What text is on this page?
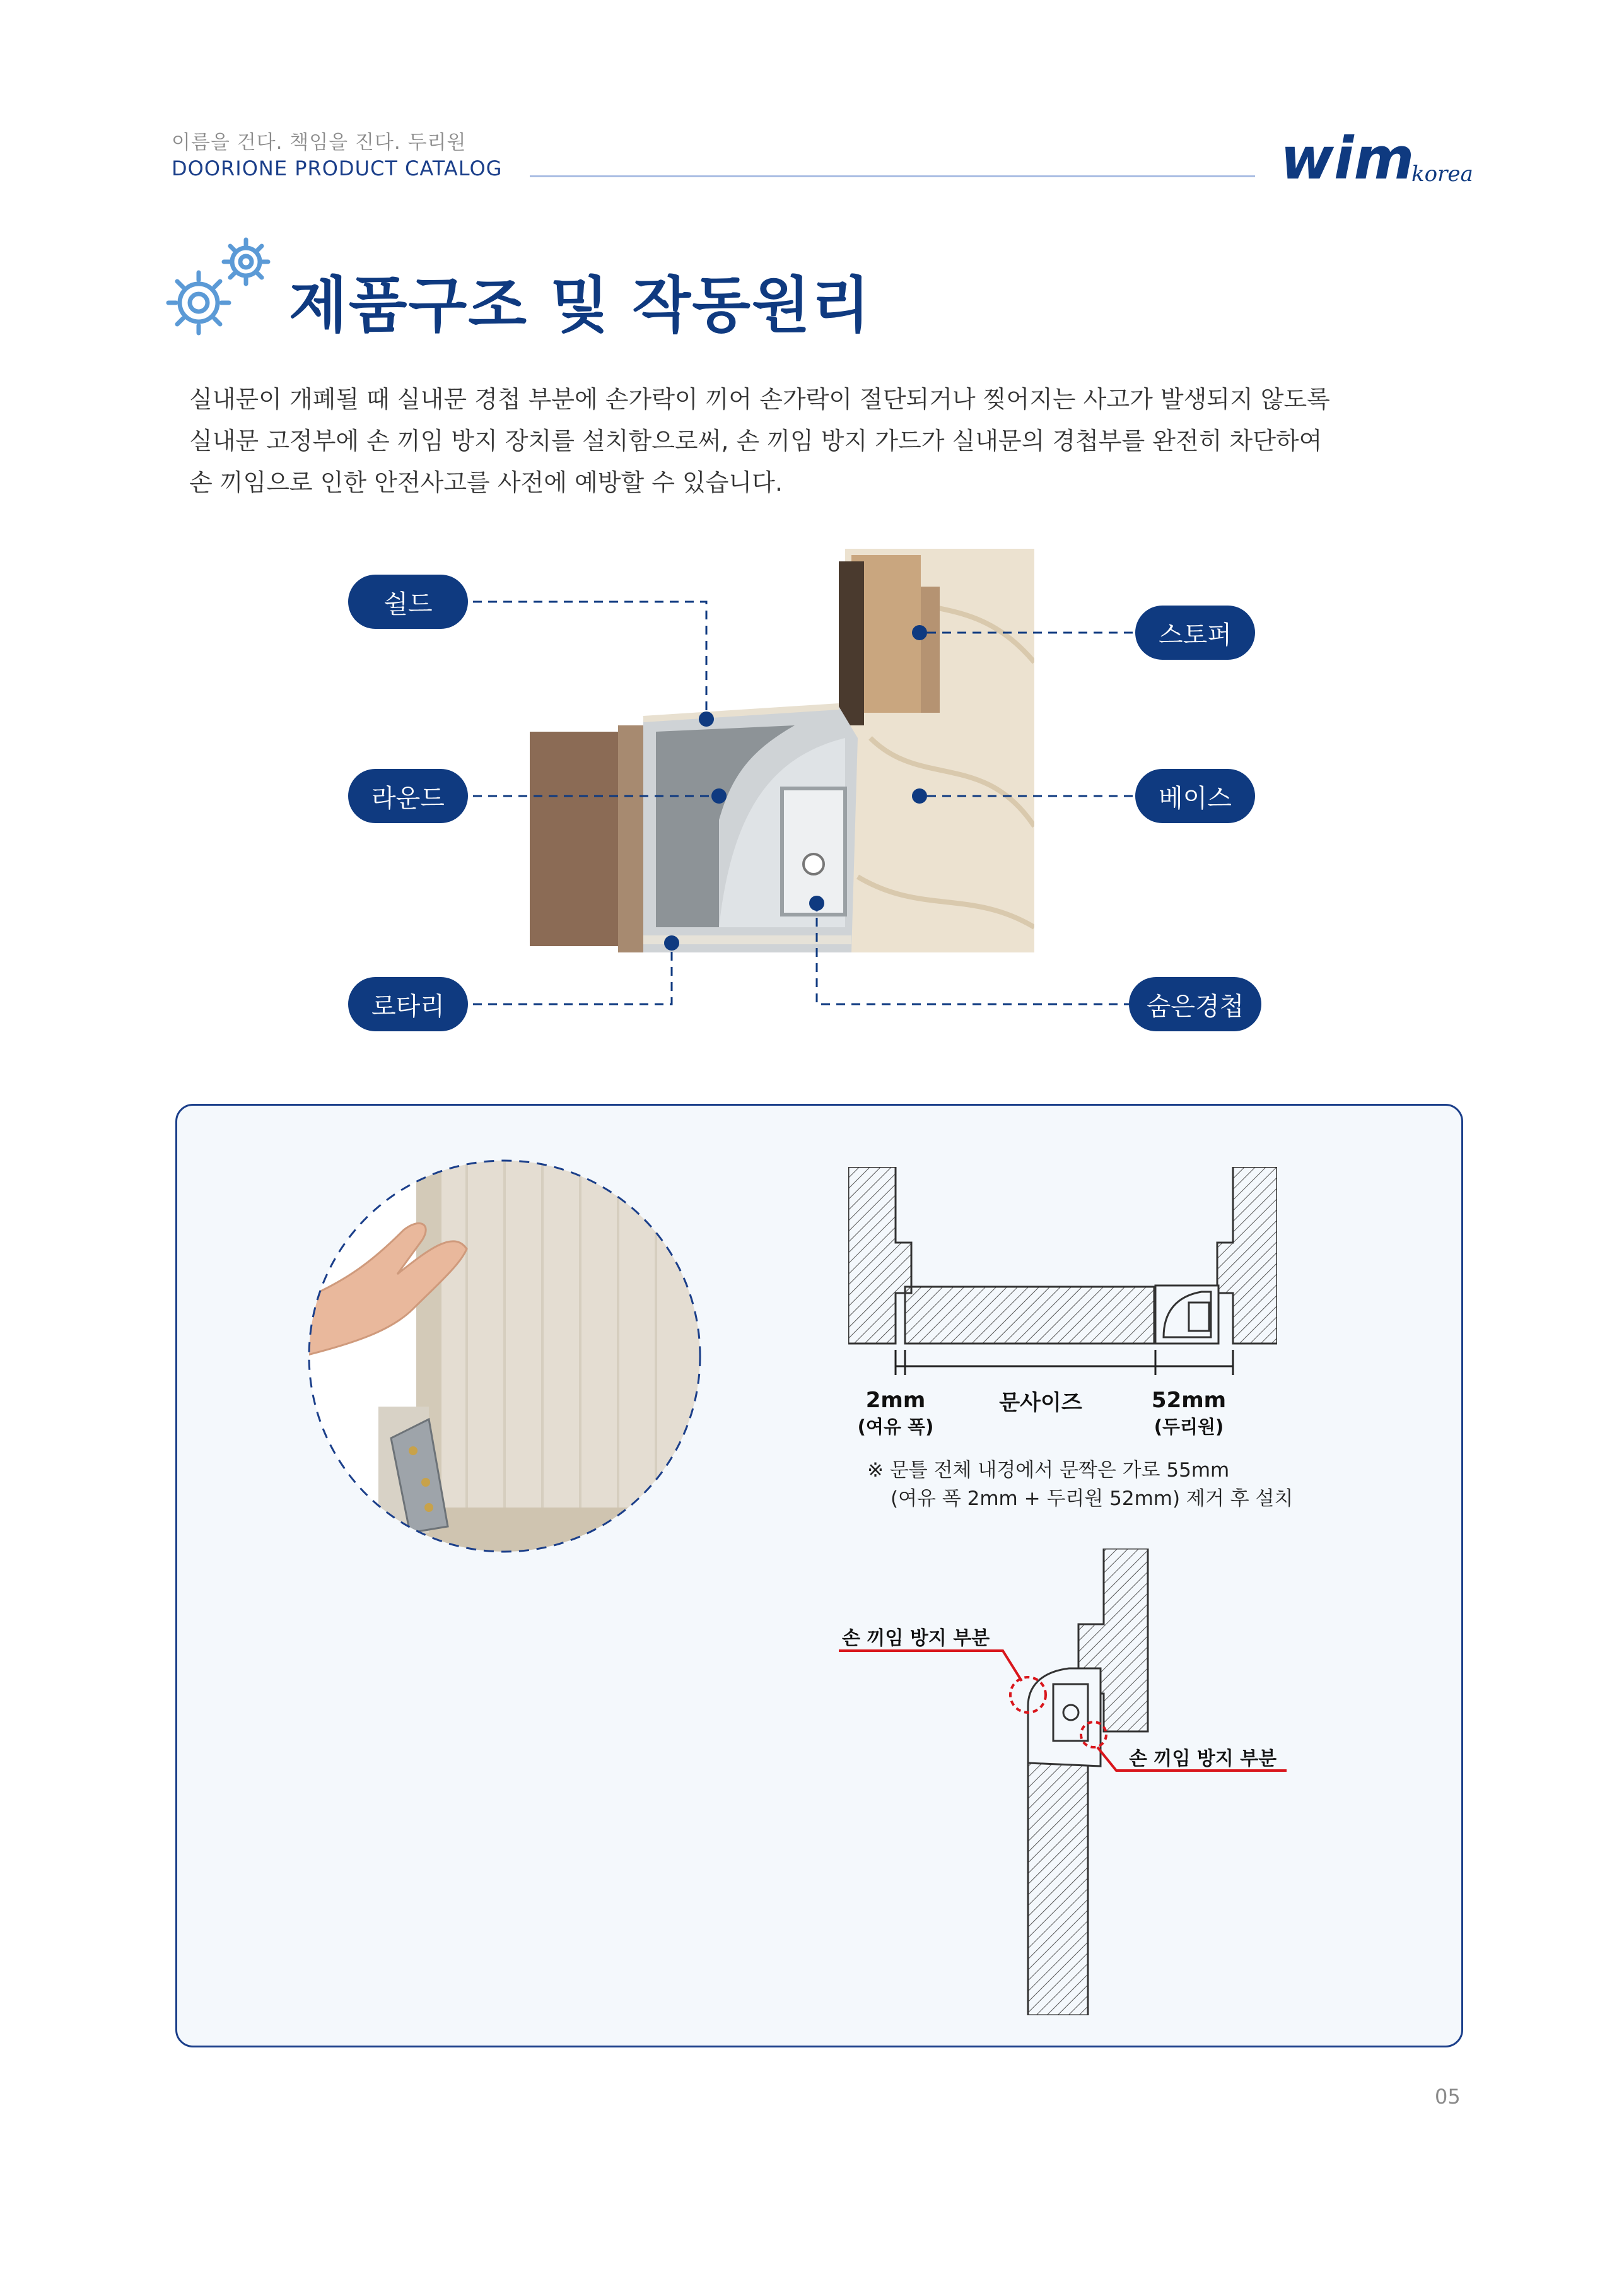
이름을 건다. 책임을 진다. 두리원
DOORIONE PRODUCT CATALOG	wim
korea
제품구조 및 작동원리
실내문이 개폐될 때 실내문 경첩 부분에 손가락이 끼어 손가락이 절단되거나 찢어지는 사고가 발생되지 않도록
실내문 고정부에 손 끼임 방지 장치를 설치함으로써, 손 끼임 방지 가드가 실내문의 경첩부를 완전히 차단하여
손 끼임으로 인한 안전사고를 사전에 예방할 수 있습니다.
쉴드
라운드
로타리
스토퍼
베이스
숨은경첩
2mm
(여유 폭)
문사이즈	52mm
(두리원)
※ 문틀 전체 내경에서 문짝은 가로 55mm
(여유 폭 2mm + 두리원 52mm) 제거 후 설치
손 끼임 방지 부분
손 끼임 방지 부분
05
